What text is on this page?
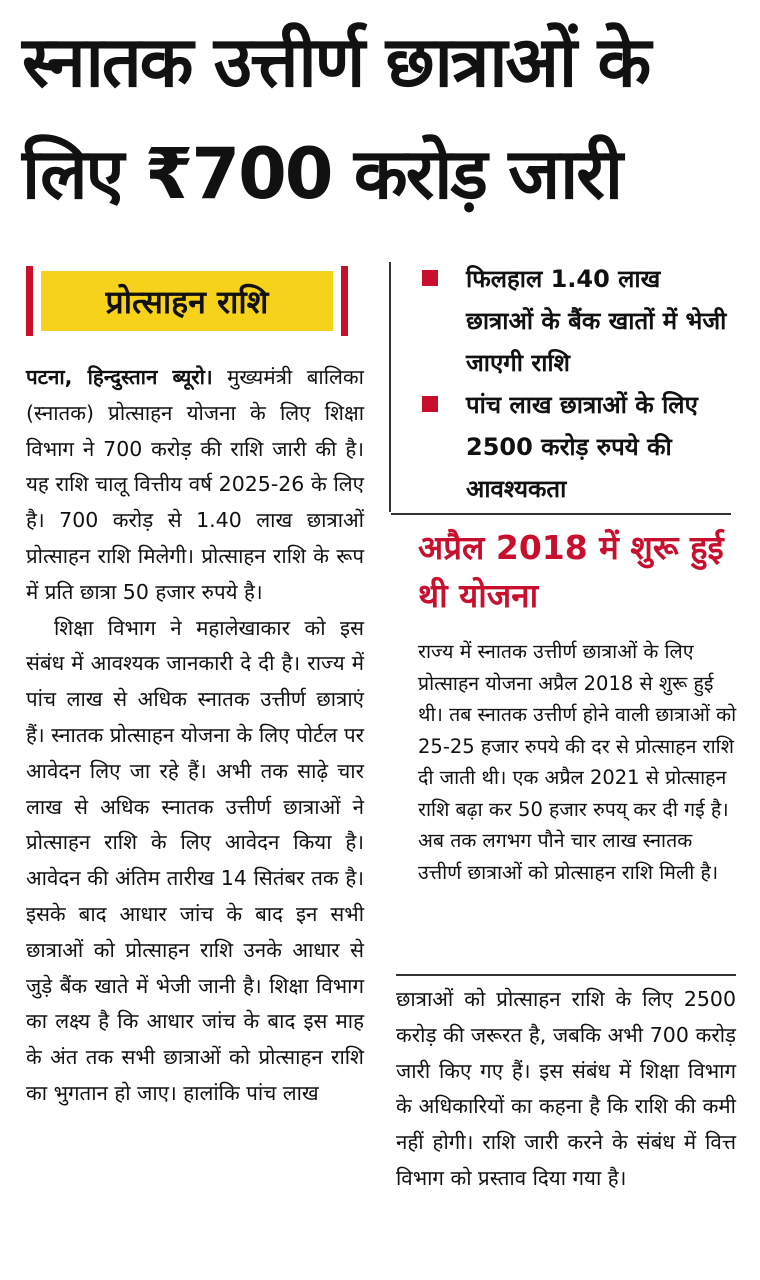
स्नातक उत्तीर्ण छात्राओं के
लिए ₹700 करोड़ जारी
प्रोत्साहन राशि

पटना, हिन्दुस्तान ब्यूरो। मुख्यमंत्री बालिका (स्नातक) प्रोत्साहन योजना के लिए शिक्षा विभाग ने 700 करोड़ की राशि जारी की है। यह राशि चालू वित्तीय वर्ष 2025-26 के लिए है। 700 करोड़ से 1.40 लाख छात्राओं प्रोत्साहन राशि मिलेगी। प्रोत्साहन राशि के रूप में प्रति छात्रा 50 हजार रुपये है।

शिक्षा विभाग ने महालेखाकार को इस संबंध में आवश्यक जानकारी दे दी है। राज्य में पांच लाख से अधिक स्नातक उत्तीर्ण छात्राएं हैं। स्नातक प्रोत्साहन योजना के लिए पोर्टल पर आवेदन लिए जा रहे हैं। अभी तक साढ़े चार लाख से अधिक स्नातक उत्तीर्ण छात्राओं ने प्रोत्साहन राशि के लिए आवेदन किया है। आवेदन की अंतिम तारीख 14 सितंबर तक है। इसके बाद आधार जांच के बाद इन सभी छात्राओं को प्रोत्साहन राशि उनके आधार से जुड़े बैंक खाते में भेजी जानी है। शिक्षा विभाग का लक्ष्य है कि आधार जांच के बाद इस माह के अंत तक सभी छात्राओं को प्रोत्साहन राशि का भुगतान हो जाए। हालांकि पांच लाख

फिलहाल 1.40 लाख छात्राओं के बैंक खातों में भेजी जाएगी राशि
पांच लाख छात्राओं के लिए 2500 करोड़ रुपये की आवश्यकता
अप्रैल 2018 में शुरू हुई थी योजना
राज्य में स्नातक उत्तीर्ण छात्राओं के लिए प्रोत्साहन योजना अप्रैल 2018 से शुरू हुई थी। तब स्नातक उत्तीर्ण होने वाली छात्राओं को 25-25 हजार रुपये की दर से प्रोत्साहन राशि दी जाती थी। एक अप्रैल 2021 से प्रोत्साहन राशि बढ़ा कर 50 हजार रुपय् कर दी गई है। अब तक लगभग पौने चार लाख स्नातक उत्तीर्ण छात्राओं को प्रोत्साहन राशि मिली है।

छात्राओं को प्रोत्साहन राशि के लिए 2500 करोड़ की जरूरत है, जबकि अभी 700 करोड़ जारी किए गए हैं। इस संबंध में शिक्षा विभाग के अधिकारियों का कहना है कि राशि की कमी नहीं होगी। राशि जारी करने के संबंध में वित्त विभाग को प्रस्ताव दिया गया है।
